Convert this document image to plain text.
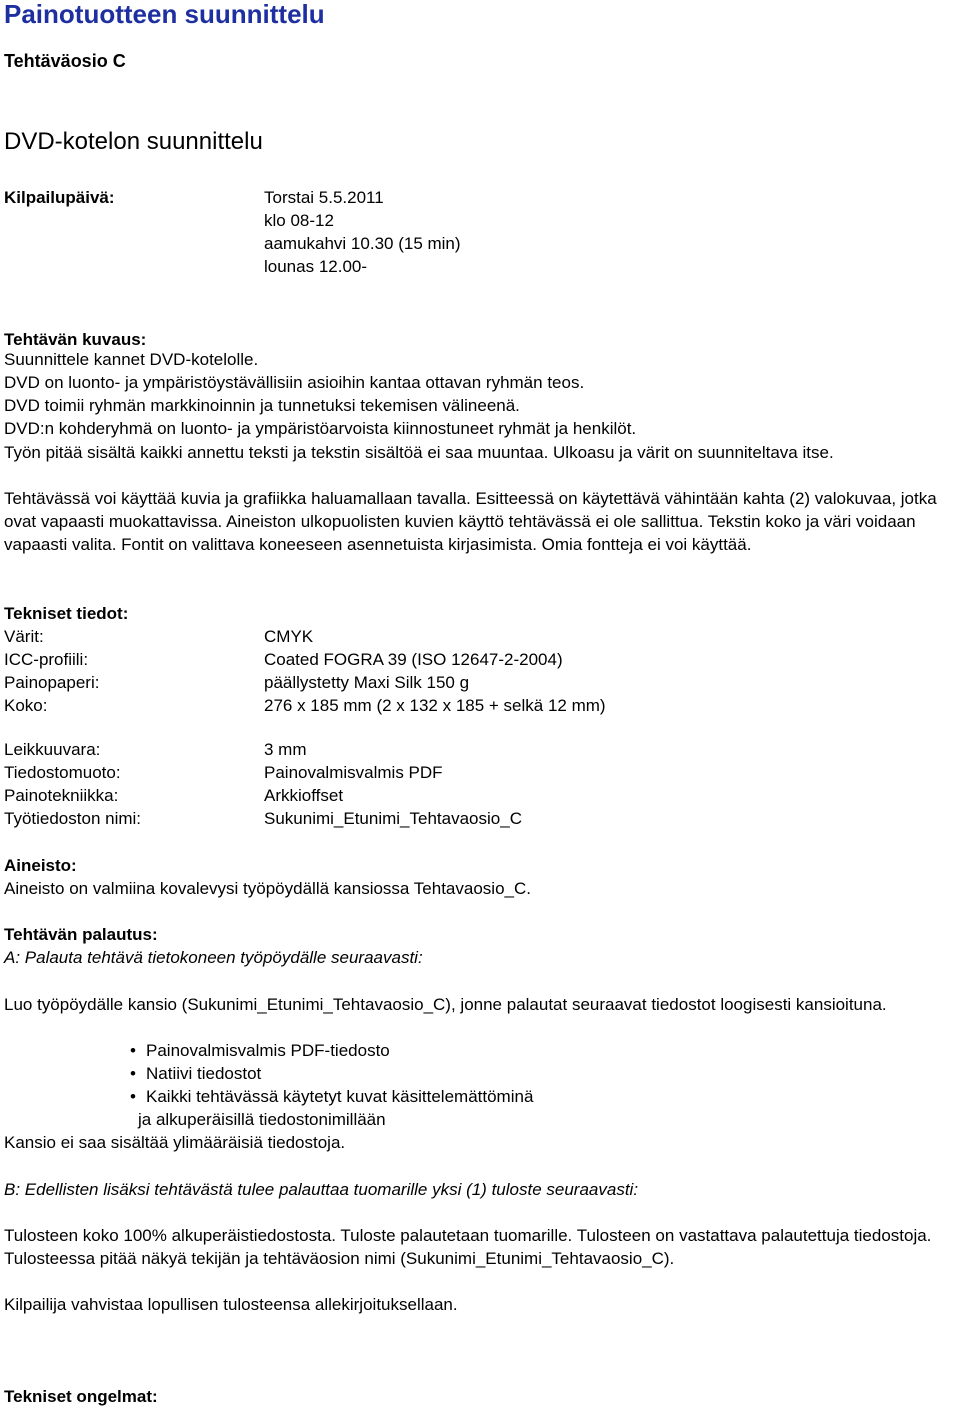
Painotuotteen suunnittelu
Tehtäväosio C
DVD-kotelon suunnittelu
Kilpailupäivä:	Torstai 5.5.2011
klo 08-12
aamukahvi 10.30 (15 min)
lounas 12.00-
Tehtävän kuvaus:
Suunnittele kannet DVD-kotelolle.
DVD on luonto- ja ympäristöystävällisiin asioihin kantaa ottavan ryhmän teos.
DVD toimii ryhmän markkinoinnin ja tunnetuksi tekemisen välineenä.
DVD:n kohderyhmä on luonto- ja ympäristöarvoista kiinnostuneet ryhmät ja henkilöt.
Työn pitää sisältä kaikki annettu teksti ja tekstin sisältöä ei saa muuntaa. Ulkoasu ja värit on suunniteltava itse.
Tehtävässä voi käyttää kuvia ja grafiikka haluamallaan tavalla. Esitteessä on käytettävä vähintään kahta (2) valokuvaa, jotka ovat vapaasti muokattavissa. Aineiston ulkopuolisten kuvien käyttö tehtävässä ei ole sallittua. Tekstin koko ja väri voidaan vapaasti valita. Fontit on valittava koneeseen asennetuista kirjasimista. Omia fontteja ei voi käyttää.
Tekniset tiedot:
Värit:	CMYK
ICC-profiili:	Coated FOGRA 39 (ISO 12647-2-2004)
Painopaperi:	päällystetty Maxi Silk 150 g
Koko:	276 x 185 mm (2 x 132 x 185 + selkä 12 mm)
Leikkuuvara:	3 mm
Tiedostomuoto:	Painovalmisvalmis PDF
Painotekniikka:	Arkkioffset
Työtiedoston nimi:	Sukunimi_Etunimi_Tehtavaosio_C
Aineisto:
Aineisto on valmiina kovalevysi työpöydällä kansiossa Tehtavaosio_C.
Tehtävän palautus:
A: Palauta tehtävä tietokoneen työpöydälle seuraavasti:
Luo työpöydälle kansio (Sukunimi_Etunimi_Tehtavaosio_C), jonne palautat seuraavat tiedostot loogisesti kansioituna.
• Painovalmisvalmis PDF-tiedosto
• Natiivi tiedostot
• Kaikki tehtävässä käytetyt kuvat käsittelemättöminä
ja alkuperäisillä tiedostonimillään
Kansio ei saa sisältää ylimääräisiä tiedostoja.
B: Edellisten lisäksi tehtävästä tulee palauttaa tuomarille yksi (1) tuloste seuraavasti:
Tulosteen koko 100% alkuperäistiedostosta. Tuloste palautetaan tuomarille. Tulosteen on vastattava palautettuja tiedostoja. Tulosteessa pitää näkyä tekijän ja tehtäväosion nimi (Sukunimi_Etunimi_Tehtavaosio_C).
Kilpailija vahvistaa lopullisen tulosteensa allekirjoituksellaan.
Tekniset ongelmat:
